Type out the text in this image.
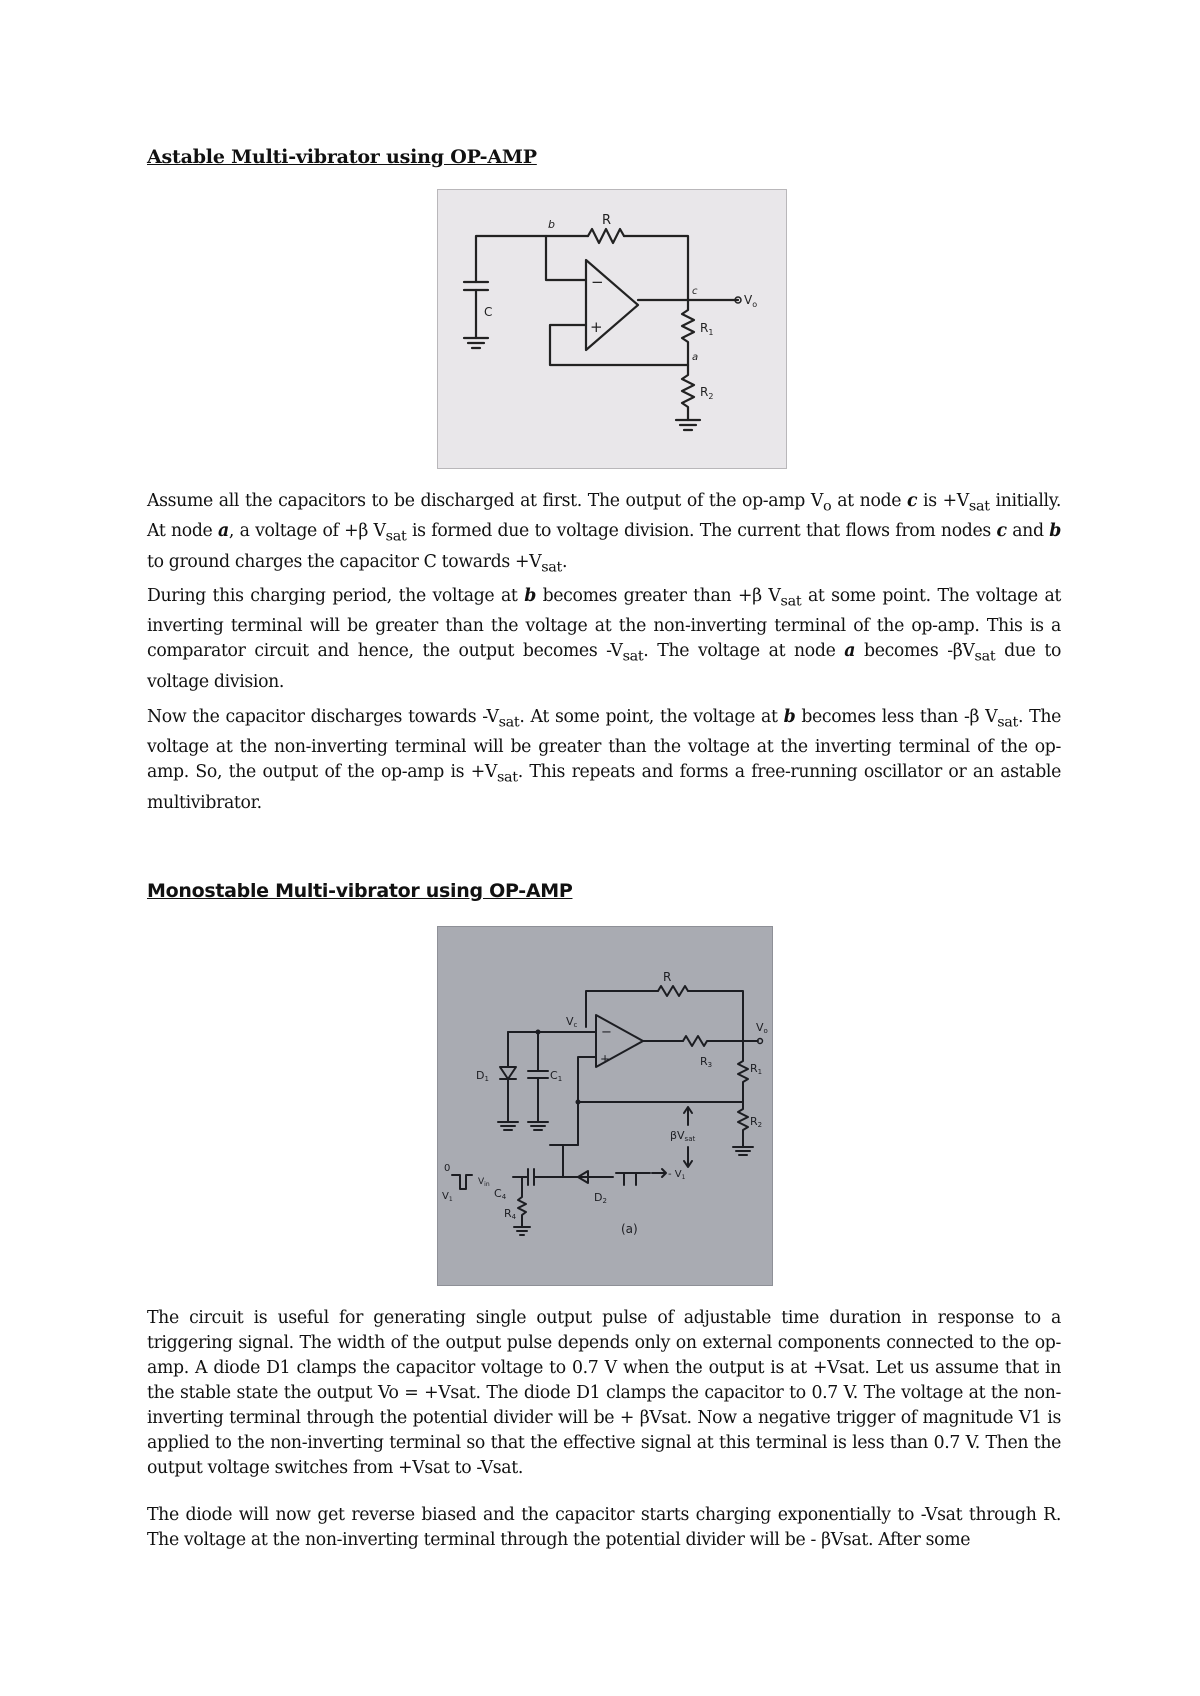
Astable Multi-vibrator using OP-AMP
R
C
b
c
a
$V_o$
$R_1$
$R_2$
−
+
Assume all the capacitors to be discharged at first. The output of the op-amp $V_o$ at node c is $+V_{sat}$ initially. At node a, a voltage of +β $V_{sat}$ is formed due to voltage division. The current that flows from nodes c and b to ground charges the capacitor C towards $+V_{sat}$.
During this charging period, the voltage at b becomes greater than +β $V_{sat}$ at some point. The voltage at inverting terminal will be greater than the voltage at the non-inverting terminal of the op-amp. This is a comparator circuit and hence, the output becomes $-V_{sat}$. The voltage at node a becomes $-\beta V_{sat}$ due to voltage division.
Now the capacitor discharges towards $-V_{sat}$. At some point, the voltage at b becomes less than -β $V_{sat}$. The voltage at the non-inverting terminal will be greater than the voltage at the inverting terminal of the op-amp. So, the output of the op-amp is $+V_{sat}$. This repeats and forms a free-running oscillator or an astable multivibrator.
Monostable Multi-vibrator using OP-AMP
R
Vc	Vo
R3	R1
R2
D1	C1
βVsat
C4	D2
R4
$V_{in}$
0
$V_1$
- $V_1$
(a)
−
+
The circuit is useful for generating single output pulse of adjustable time duration in response to a triggering signal. The width of the output pulse depends only on external components connected to the op-amp. A diode D1 clamps the capacitor voltage to 0.7 V when the output is at +Vsat. Let us assume that in the stable state the output Vo = +Vsat. The diode D1 clamps the capacitor to 0.7 V. The voltage at the non-inverting terminal through the potential divider will be + βVsat. Now a negative trigger of magnitude V1 is applied to the non-inverting terminal so that the effective signal at this terminal is less than 0.7 V. Then the output voltage switches from +Vsat to -Vsat.
The diode will now get reverse biased and the capacitor starts charging exponentially to -Vsat through R. The voltage at the non-inverting terminal through the potential divider will be - βVsat. After some
